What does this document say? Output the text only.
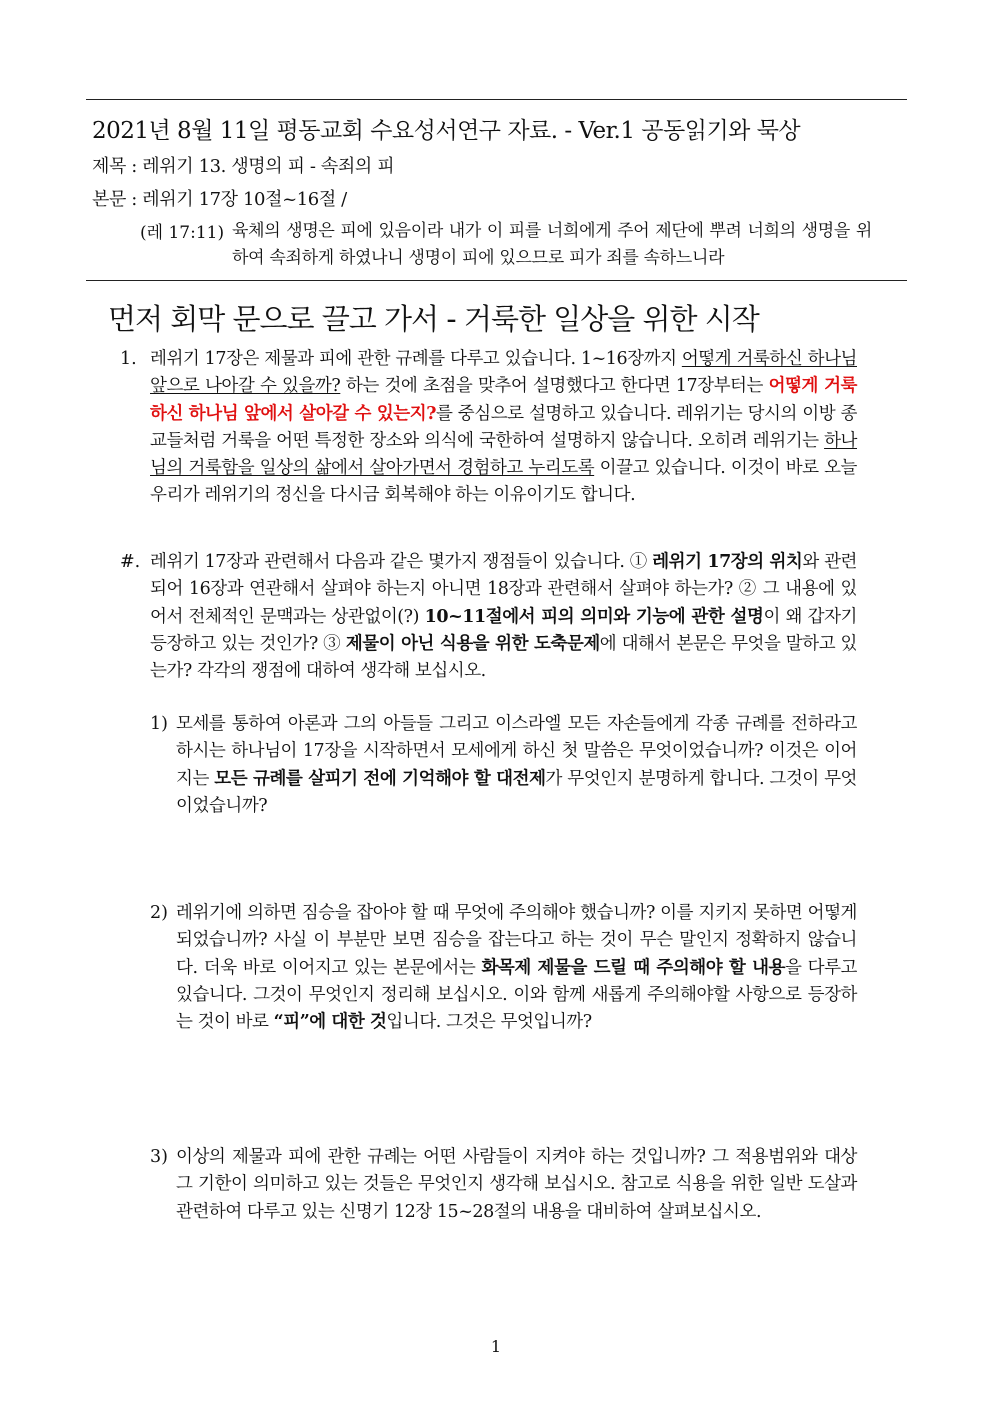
2021년 8월 11일 평동교회 수요성서연구 자료. - Ver.1 공동읽기와 묵상
제목 : 레위기 13. 생명의 피 - 속죄의 피
본문 : 레위기 17장 10절~16절 /
(레 17:11) 육체의 생명은 피에 있음이라 내가 이 피를 너희에게 주어 제단에 뿌려 너희의 생명을 위하여 속죄하게 하였나니 생명이 피에 있으므로 피가 죄를 속하느니라
먼저 회막 문으로 끌고 가서 - 거룩한 일상을 위한 시작
1. 레위기 17장은 제물과 피에 관한 규례를 다루고 있습니다. 1~16장까지 어떻게 거룩하신 하나님 앞으로 나아갈 수 있을까? 하는 것에 초점을 맞추어 설명했다고 한다면 17장부터는 어떻게 거룩하신 하나님 앞에서 살아갈 수 있는지?를 중심으로 설명하고 있습니다. 레위기는 당시의 이방 종교들처럼 거룩을 어떤 특정한 장소와 의식에 국한하여 설명하지 않습니다. 오히려 레위기는 하나님의 거룩함을 일상의 삶에서 살아가면서 경험하고 누리도록 이끌고 있습니다. 이것이 바로 오늘 우리가 레위기의 정신을 다시금 회복해야 하는 이유이기도 합니다.
#. 레위기 17장과 관련해서 다음과 같은 몇가지 쟁점들이 있습니다. ① 레위기 17장의 위치와 관련되어 16장과 연관해서 살펴야 하는지 아니면 18장과 관련해서 살펴야 하는가? ② 그 내용에 있어서 전체적인 문맥과는 상관없이(?) 10~11절에서 피의 의미와 기능에 관한 설명이 왜 갑자기 등장하고 있는 것인가? ③ 제물이 아닌 식용을 위한 도축문제에 대해서 본문은 무엇을 말하고 있는가? 각각의 쟁점에 대하여 생각해 보십시오.
1) 모세를 통하여 아론과 그의 아들들 그리고 이스라엘 모든 자손들에게 각종 규례를 전하라고 하시는 하나님이 17장을 시작하면서 모세에게 하신 첫 말씀은 무엇이었습니까? 이것은 이어지는 모든 규례를 살피기 전에 기억해야 할 대전제가 무엇인지 분명하게 합니다. 그것이 무엇이었습니까?
2) 레위기에 의하면 짐승을 잡아야 할 때 무엇에 주의해야 했습니까? 이를 지키지 못하면 어떻게 되었습니까? 사실 이 부분만 보면 짐승을 잡는다고 하는 것이 무슨 말인지 정확하지 않습니다. 더욱 바로 이어지고 있는 본문에서는 화목제 제물을 드릴 때 주의해야 할 내용을 다루고 있습니다. 그것이 무엇인지 정리해 보십시오. 이와 함께 새롭게 주의해야할 사항으로 등장하는 것이 바로 “피”에 대한 것입니다. 그것은 무엇입니까?
3) 이상의 제물과 피에 관한 규례는 어떤 사람들이 지켜야 하는 것입니까? 그 적용범위와 대상 그 기한이 의미하고 있는 것들은 무엇인지 생각해 보십시오. 참고로 식용을 위한 일반 도살과 관련하여 다루고 있는 신명기 12장 15~28절의 내용을 대비하여 살펴보십시오.
1
